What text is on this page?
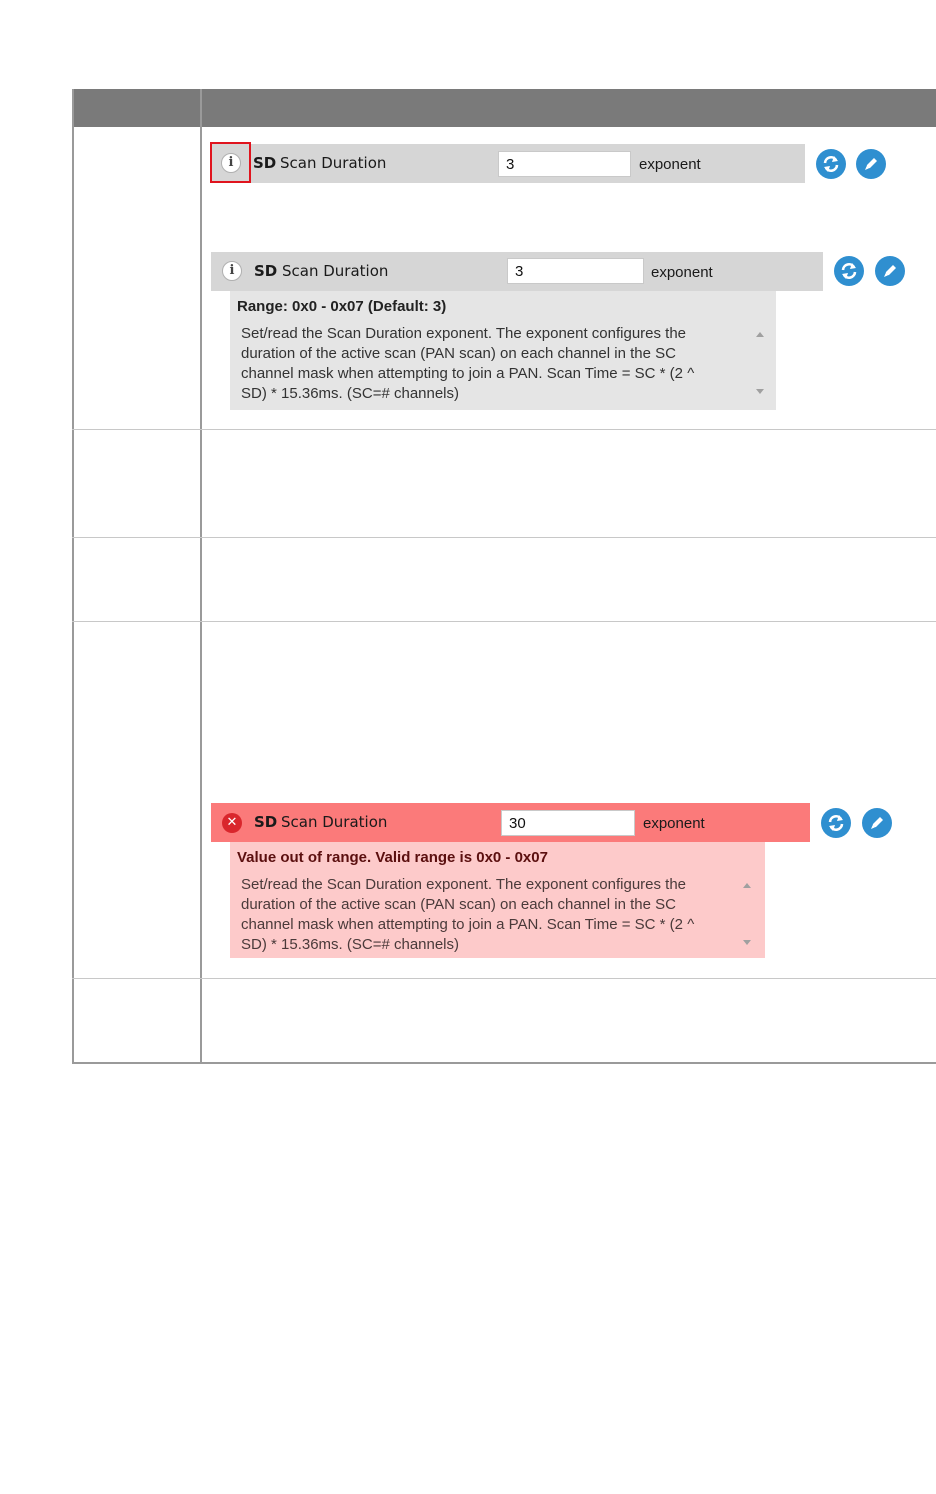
i	SD Scan Duration
3	exponent
i	SD Scan Duration
3	exponent
Range: 0x0 - 0x07 (Default: 3)
Set/read the Scan Duration exponent. The exponent configures the
duration of the active scan (PAN scan) on each channel in the SC
channel mask when attempting to join a PAN. Scan Time = SC * (2 ^
SD) * 15.36ms. (SC=# channels)
✕	SD Scan Duration
30	exponent
Value out of range. Valid range is 0x0 - 0x07
Set/read the Scan Duration exponent. The exponent configures the
duration of the active scan (PAN scan) on each channel in the SC
channel mask when attempting to join a PAN. Scan Time = SC * (2 ^
SD) * 15.36ms. (SC=# channels)
